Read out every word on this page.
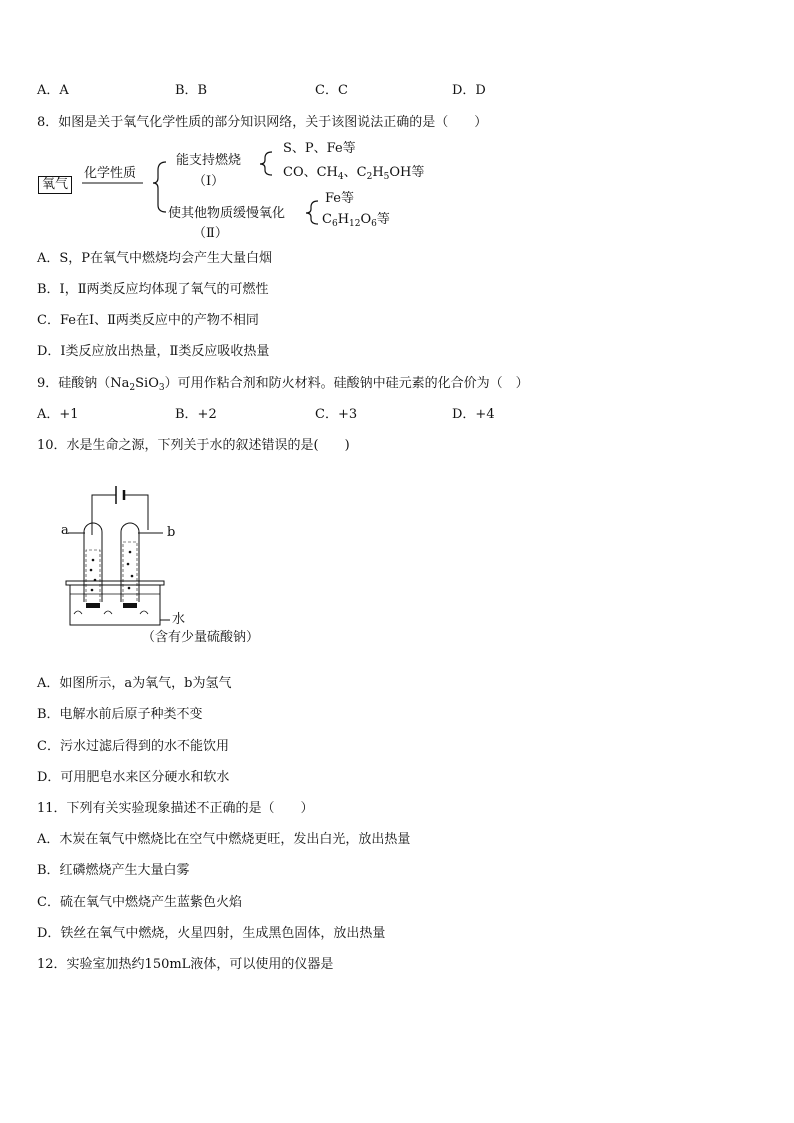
A．A	B．B	C．C	D．D
8．如图是关于氧气化学性质的部分知识网络，关于该图说法正确的是（　　）
氧气
化学性质
能支持燃烧
（Ⅰ）
S、P、Fe等
CO、$CH_4$、$C_2H_5OH$等
使其他物质缓慢氧化
（Ⅱ）
Fe等
$C_6H_{12}O_6$等
A．S，P在氧气中燃烧均会产生大量白烟
B．Ⅰ，Ⅱ两类反应均体现了氧气的可燃性
C．Fe在Ⅰ、Ⅱ两类反应中的产物不相同
D．Ⅰ类反应放出热量，Ⅱ类反应吸收热量
9．硅酸钠$(Na_2SiO_3)$可用作粘合剂和防火材料。硅酸钠中硅元素的化合价为（　）
A．+1	B．+2	C．+3	D．+4
10．水是生命之源，下列关于水的叙述错误的是(　　)
a	b
水
（含有少量硫酸钠）
A．如图所示，a为氧气，b为氢气
B．电解水前后原子种类不变
C．污水过滤后得到的水不能饮用
D．可用肥皂水来区分硬水和软水
11．下列有关实验现象描述不正确的是（　　）
A．木炭在氧气中燃烧比在空气中燃烧更旺，发出白光，放出热量
B．红磷燃烧产生大量白雾
C．硫在氧气中燃烧产生蓝紫色火焰
D．铁丝在氧气中燃烧，火星四射，生成黑色固体，放出热量
12．实验室加热约150mL液体，可以使用的仪器是
